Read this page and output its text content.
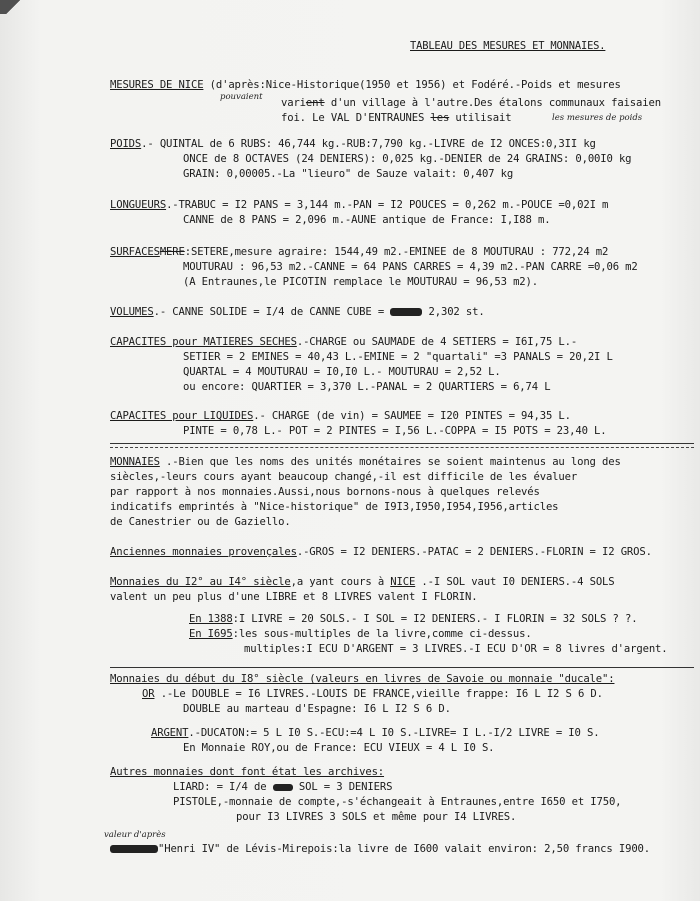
TABLEAU DES MESURES ET MONNAIES.
MESURES DE NICE (d'après:Nice-Historique(1950 et 1956) et Fodéré.-Poids et mesures
pouvaient varient d'un village à l'autre.Des étalons communaux faisaien
foi. Le VAL D'ENTRAUNES les utilisait	les mesures de poids
POIDS.- QUINTAL de 6 RUBS: 46,744 kg.-RUB:7,790 kg.-LIVRE de I2 ONCES:0,3II kg
ONCE de 8 OCTAVES (24 DENIERS): 0,025 kg.-DENIER de 24 GRAINS: 0,00I0 kg
GRAIN: 0,00005.-La "lieuro" de Sauze valait: 0,407 kg
LONGUEURS.-TRABUC = I2 PANS = 3,144 m.-PAN = I2 POUCES = 0,262 m.-POUCE =0,02I m
CANNE de 8 PANS = 2,096 m.-AUNE antique de France: I,I88 m.
SURFACESMERE:SETERE,mesure agraire: 1544,49 m2.-EMINEE de 8 MOUTURAU : 772,24 m2
MOUTURAU : 96,53 m2.-CANNE = 64 PANS CARRES = 4,39 m2.-PAN CARRE =0,06 m2
(A Entraunes,le PICOTIN remplace le MOUTURAU = 96,53 m2).
VOLUMES.- CANNE SOLIDE = I/4 de CANNE CUBE =	2,302 st.
CAPACITES pour MATIERES SECHES.-CHARGE ou SAUMADE de 4 SETIERS = I6I,75 L.-
SETIER = 2 EMINES = 40,43 L.-EMINE = 2 "quartali" =3 PANALS = 20,2I L
QUARTAL = 4 MOUTURAU = I0,I0 L.- MOUTURAU = 2,52 L.
ou encore: QUARTIER = 3,370 L.-PANAL = 2 QUARTIERS = 6,74 L
CAPACITES pour LIQUIDES.- CHARGE (de vin) = SAUMEE = I20 PINTES = 94,35 L.
PINTE = 0,78 L.- POT = 2 PINTES = I,56 L.-COPPA = I5 POTS = 23,40 L.
MONNAIES .-Bien que les noms des unités monétaires se soient maintenus au long des
siècles,-leurs cours ayant beaucoup changé,-il est difficile de les évaluer
par rapport à nos monnaies.Aussi,nous bornons-nous à quelques relevés
indicatifs emprintés à "Nice-historique" de I9I3,I950,I954,I956,articles
de Canestrier ou de Gaziello.
Anciennes monnaies provençales.-GROS = I2 DENIERS.-PATAC = 2 DENIERS.-FLORIN = I2 GROS.
Monnaies du I2° au I4° siècle,a yant cours à NICE .-I SOL vaut I0 DENIERS.-4 SOLS
valent un peu plus d'une LIBRE et 8 LIVRES valent I FLORIN.
En 1388:I LIVRE = 20 SOLS.- I SOL = I2 DENIERS.- I FLORIN = 32 SOLS ? ?.
En I695:les sous-multiples de la livre,comme ci-dessus.
multiples:I ECU D'ARGENT = 3 LIVRES.-I ECU D'OR = 8 livres d'argent.
Monnaies du début du I8° siècle (valeurs en livres de Savoie ou monnaie "ducale":
OR .-Le DOUBLE = I6 LIVRES.-LOUIS DE FRANCE,vieille frappe: I6 L I2 S 6 D.
DOUBLE au marteau d'Espagne: I6 L I2 S 6 D.
ARGENT.-DUCATON:= 5 L I0 S.-ECU:=4 L I0 S.-LIVRE= I L.-I/2 LIVRE = I0 S.
En Monnaie ROY,ou de France: ECU VIEUX = 4 L I0 S.
Autres monnaies dont font état les archives:
LIARD: = I/4 de  SOL = 3 DENIERS
PISTOLE,-monnaie de compte,-s'échangeait à Entraunes,entre I650 et I750,
pour I3 LIVRES 3 SOLS et même pour I4 LIVRES.
valeur d'après
"Henri IV" de Lévis-Mirepois:la livre de I600 valait environ: 2,50 francs I900.
